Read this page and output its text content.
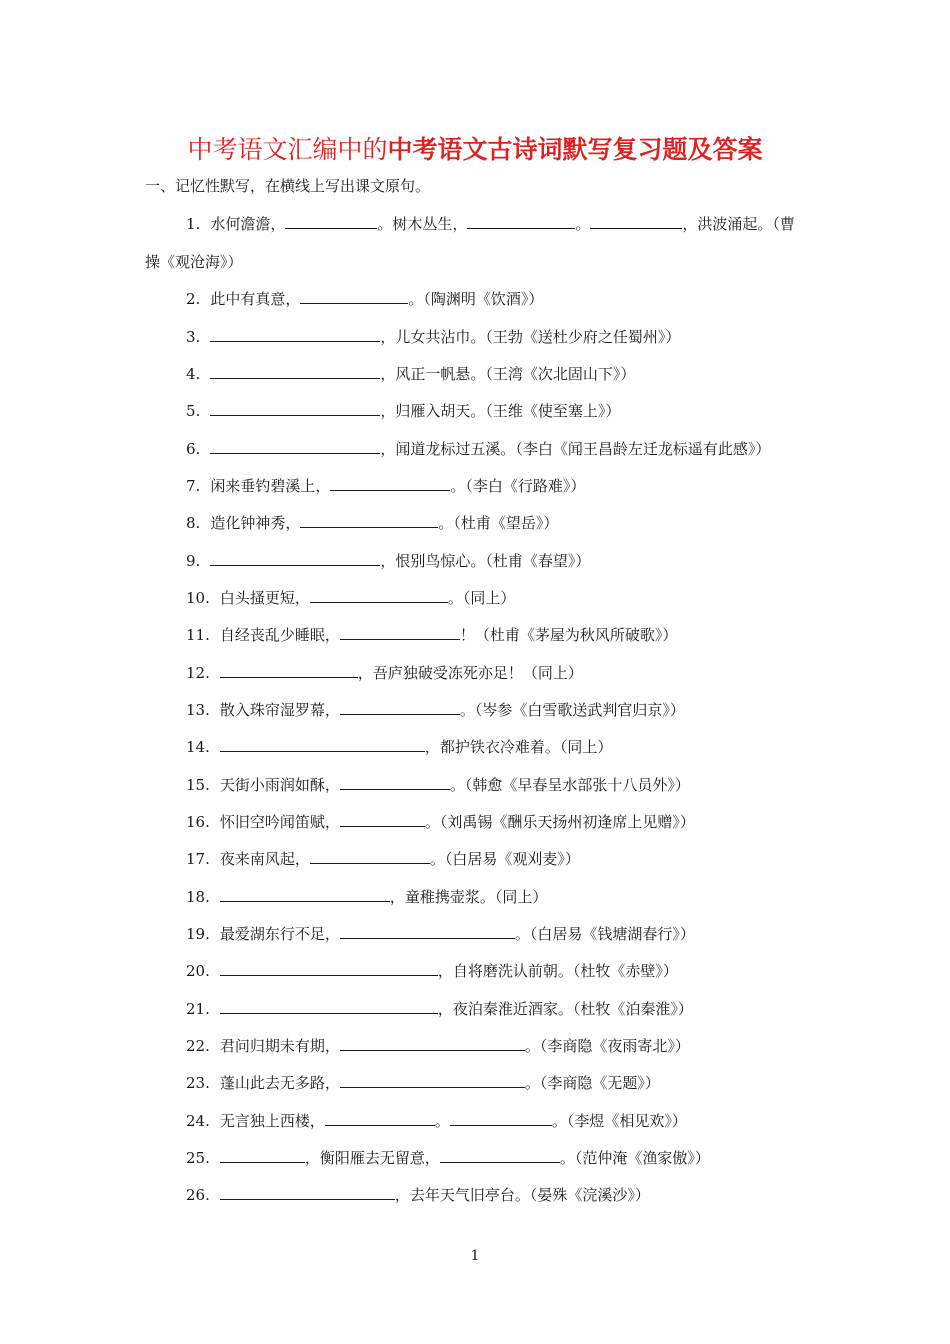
中考语文汇编中的中考语文古诗词默写复习题及答案
一、记忆性默写，在横线上写出课文原句。
1. 水何澹澹，	。树木丛生，	。	，洪波涌起。（曹
操《观沧海》）
2. 此中有真意，	。（陶渊明《饮酒》）
3.	，儿女共沾巾。（王勃《送杜少府之任蜀州》）
4.	，风正一帆悬。（王湾《次北固山下》）
5.	，归雁入胡天。（王维《使至塞上》）
6.	，闻道龙标过五溪。（李白《闻王昌龄左迁龙标遥有此感》）
7. 闲来垂钓碧溪上，	。（李白《行路难》）
8. 造化钟神秀，	。（杜甫《望岳》）
9.	，恨别鸟惊心。（杜甫《春望》）
10. 白头搔更短，	。（同上）
11. 自经丧乱少睡眠，	！（杜甫《茅屋为秋风所破歌》）
12.	，吾庐独破受冻死亦足！（同上）
13. 散入珠帘湿罗幕，	。（岑参《白雪歌送武判官归京》）
14.	，都护铁衣冷难着。（同上）
15. 天街小雨润如酥，	。（韩愈《早春呈水部张十八员外》）
16. 怀旧空吟闻笛赋，	。（刘禹锡《酬乐天扬州初逢席上见赠》）
17. 夜来南风起，	。（白居易《观刈麦》）
18.	，童稚携壶浆。（同上）
19. 最爱湖东行不足，	。（白居易《钱塘湖春行》）
20.	，自将磨洗认前朝。（杜牧《赤壁》）
21.	，夜泊秦淮近酒家。（杜牧《泊秦淮》）
22. 君问归期未有期，	。（李商隐《夜雨寄北》）
23. 蓬山此去无多路，	。（李商隐《无题》）
24. 无言独上西楼，	。	。（李煜《相见欢》）
25.	，衡阳雁去无留意，	。（范仲淹《渔家傲》）
26.	，去年天气旧亭台。（晏殊《浣溪沙》）
1
